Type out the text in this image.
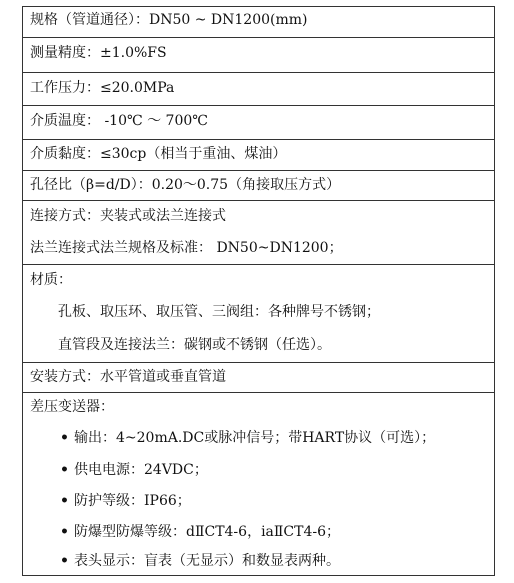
规格（管道通径）：DN50 ~ DN1200(mm)
测量精度：±1.0%FS
工作压力：≤20.0MPa
介质温度： -10℃ ～ 700℃
介质黏度：≤30cp（相当于重油、煤油）
孔径比（β=d/D）：0.20～0.75（角接取压方式）
连接方式：夹装式或法兰连接式
法兰连接式法兰规格及标准： DN50~DN1200；
材质：
孔板、取压环、取压管、三阀组：各种牌号不锈钢；
直管段及连接法兰：碳钢或不锈钢（任选）。
安装方式：水平管道或垂直管道
差压变送器：
• 输出：4~20mA.DC或脉冲信号；带HART协议（可选）；
• 供电电源：24VDC；
• 防护等级：IP66；
• 防爆型防爆等级：dⅡCT4-6，iaⅡCT4-6；
• 表头显示：盲表（无显示）和数显表两种。
